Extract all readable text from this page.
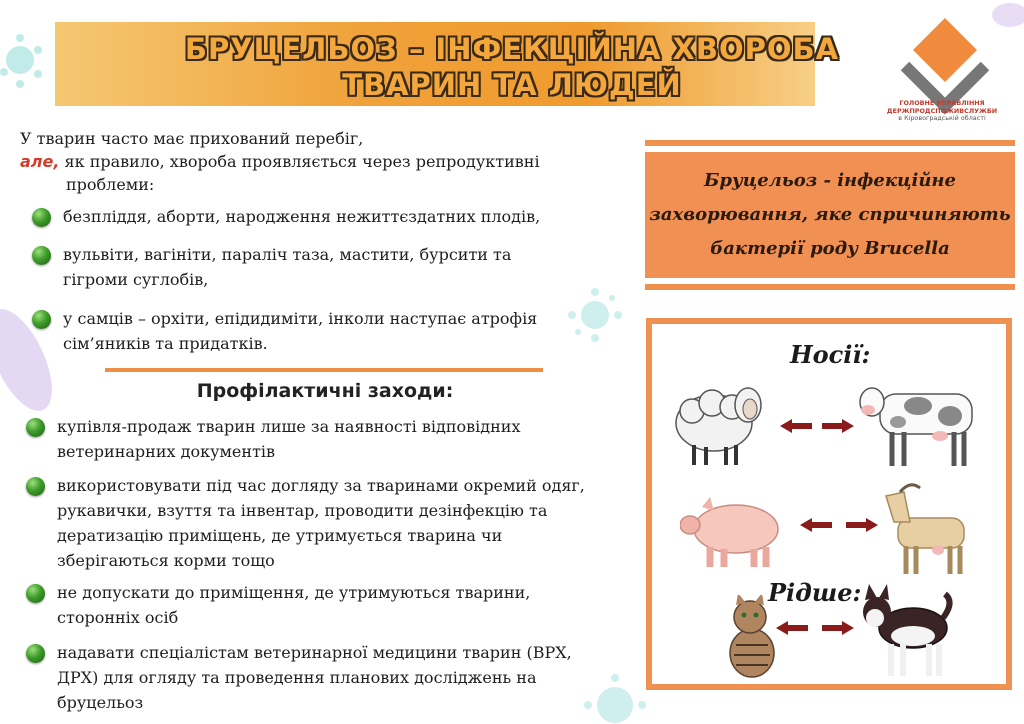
БРУЦЕЛЬОЗ – ІНФЕКЦІЙНА ХВОРОБА
ТВАРИН ТА ЛЮДЕЙ
ГОЛОВНЕ УПРАВЛІННЯ
ДЕРЖПРОДСПОЖИВСЛУЖБИ
в Кіровоградській області
У тварин часто має прихований перебіг,
але, як правило, хвороба проявляється через репродуктивні
проблеми:
безпліддя, аборти, народження нежиттєздатних плодів,
вульвіти, вагініти, параліч таза, мастити, бурсити та
гігроми суглобів,
у самців – орхіти, епідидиміти, інколи наступає атрофія
сім’яників та придатків.
Профілактичні заходи:
купівля-продаж тварин лише за наявності відповідних
ветеринарних документів
використовувати під час догляду за тваринами окремий одяг,
рукавички, взуття та інвентар, проводити дезінфекцію та
дератизацію приміщень, де утримується тварина чи
зберігаються корми тощо
не допускати до приміщення, де утримуються тварини,
сторонніх осіб
надавати спеціалістам ветеринарної медицини тварин (ВРХ,
ДРХ) для огляду та проведення планових досліджень на
бруцельоз
Бруцельоз - інфекційне
захворювання, яке спричиняють
бактерії роду Brucella
Носії:
Рідше:
